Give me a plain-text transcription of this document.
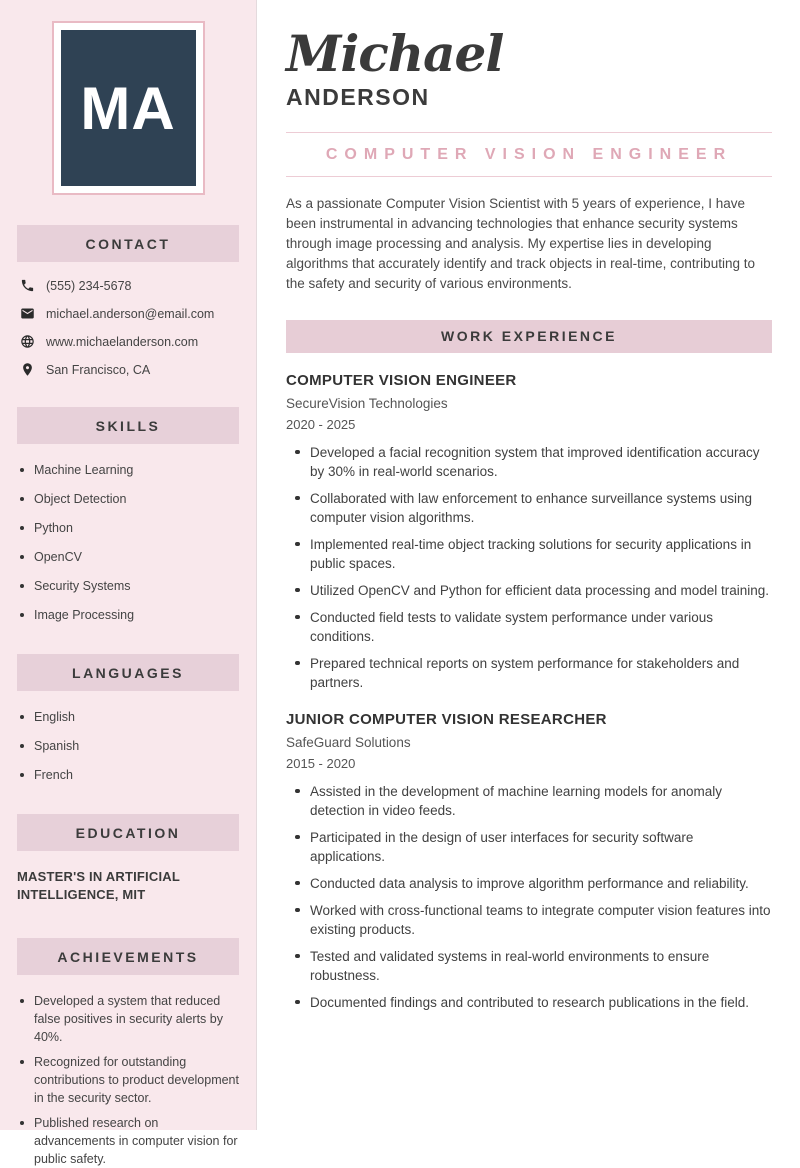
MA
CONTACT
(555) 234-5678
michael.anderson@email.com
www.michaelanderson.com
San Francisco, CA
SKILLS
Machine Learning
Object Detection
Python
OpenCV
Security Systems
Image Processing
LANGUAGES
English
Spanish
French
EDUCATION
MASTER'S IN ARTIFICIAL INTELLIGENCE, MIT
ACHIEVEMENTS
Developed a system that reduced false positives in security alerts by 40%.
Recognized for outstanding contributions to product development in the security sector.
Published research on advancements in computer vision for public safety.
Michael
ANDERSON
COMPUTER VISION ENGINEER

As a passionate Computer Vision Scientist with 5 years of experience, I have been instrumental in advancing technologies that enhance security systems through image processing and analysis. My expertise lies in developing algorithms that accurately identify and track objects in real-time, contributing to the safety and security of various environments.

WORK EXPERIENCE
COMPUTER VISION ENGINEER
SecureVision Technologies
2020 - 2025
Developed a facial recognition system that improved identification accuracy by 30% in real-world scenarios.
Collaborated with law enforcement to enhance surveillance systems using computer vision algorithms.
Implemented real-time object tracking solutions for security applications in public spaces.
Utilized OpenCV and Python for efficient data processing and model training.
Conducted field tests to validate system performance under various conditions.
Prepared technical reports on system performance for stakeholders and partners.
JUNIOR COMPUTER VISION RESEARCHER
SafeGuard Solutions
2015 - 2020
Assisted in the development of machine learning models for anomaly detection in video feeds.
Participated in the design of user interfaces for security software applications.
Conducted data analysis to improve algorithm performance and reliability.
Worked with cross-functional teams to integrate computer vision features into existing products.
Tested and validated systems in real-world environments to ensure robustness.
Documented findings and contributed to research publications in the field.
